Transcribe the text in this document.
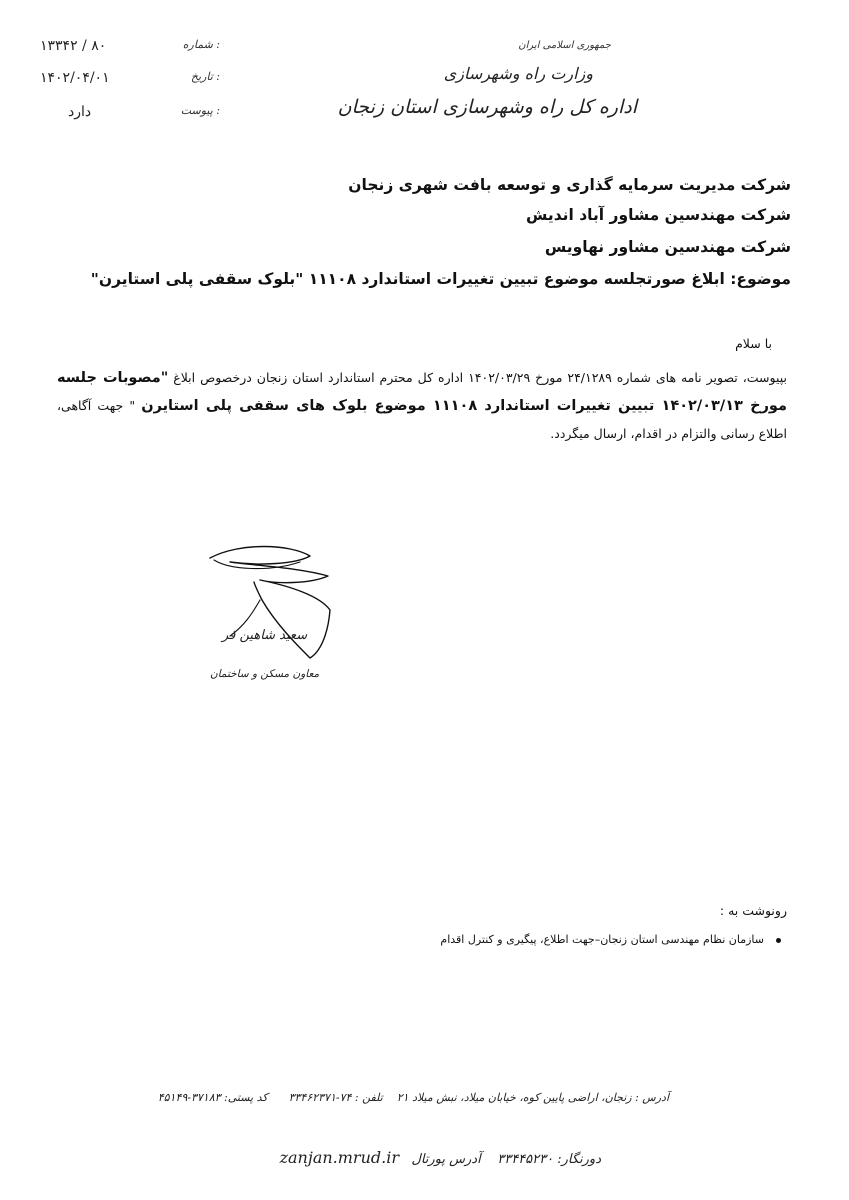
شماره :
۸۰ / ۱۳۳۴۲
تاریخ :
۱۴۰۲/۰۴/۰۱
پیوست :
دارد
جمهوری اسلامی ایران
وزارت راه وشهرسازی
اداره کل راه وشهرسازی استان زنجان
شرکت مدیریت سرمایه گذاری و توسعه بافت شهری زنجان
شرکت مهندسین مشاور آباد اندیش
شرکت مهندسین مشاور نهاویس
موضوع: ابلاغ صورتجلسه موضوع تبیین تغییرات استاندارد ۱۱۱۰۸ "بلوک سقفی پلی استایرن"
با سلام
بپیوست، تصویر نامه های شماره ۲۴/۱۲۸۹ مورخ ۱۴۰۲/۰۳/۲۹ اداره کل محترم استاندارد استان زنجان درخصوص ابلاغ "مصوبات جلسه مورخ ۱۴۰۲/۰۳/۱۳ تبیین تغییرات استاندارد ۱۱۱۰۸ موضوع بلوک های سقفی پلی استایرن " جهت آگاهی، اطلاع رسانی والتزام در اقدام، ارسال میگردد.
سعید شاهین فر
معاون مسکن و ساختمان
رونوشت به :
سازمان نظام مهندسی استان زنجان–جهت اطلاع، پیگیری و کنترل اقدام
آدرس : زنجان، اراضی پایین کوه، خیابان میلاد، نبش میلاد ۲۱    تلفن : ۷۴-۳۳۴۶۲۳۷۱      کد پستی: ۳۷۱۸۳-۴۵۱۴۹
دورنگار: ۳۳۴۴۵۲۳۰    آدرس پورتال   zanjan.mrud.ir
